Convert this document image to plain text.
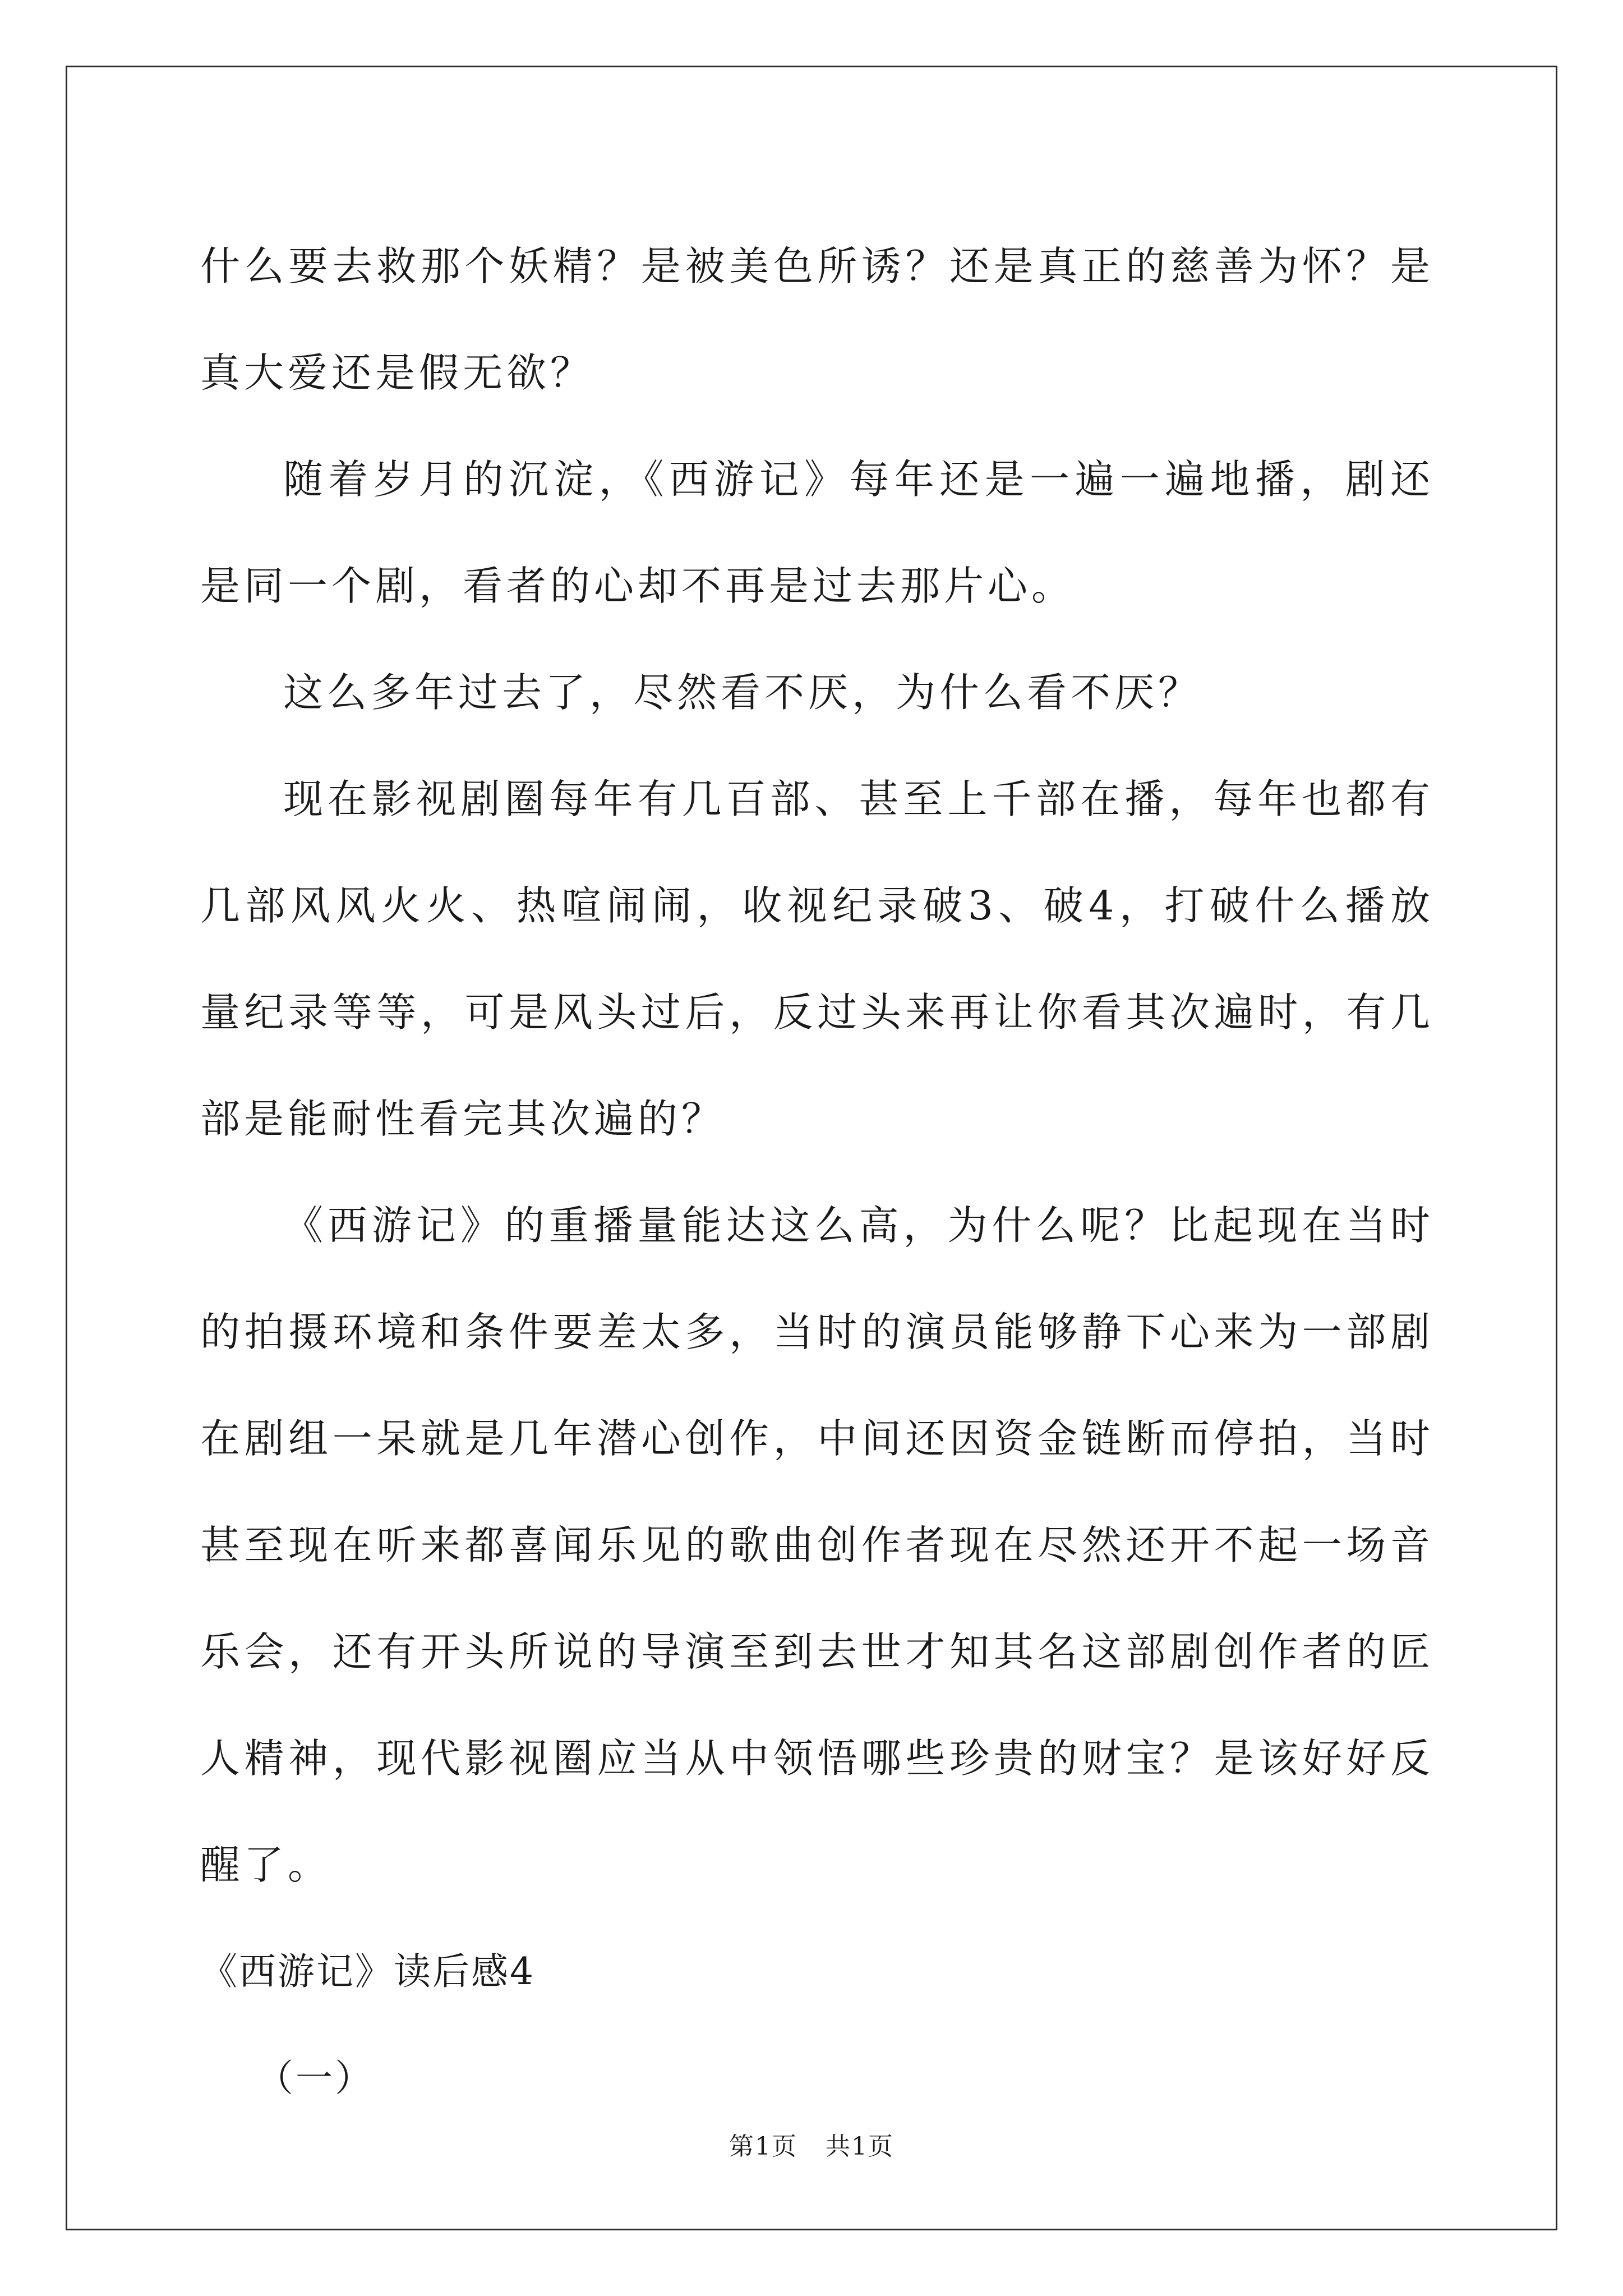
什么要去救那个妖精？是被美色所诱？还是真正的慈善为怀？是真大爱还是假无欲？

随着岁月的沉淀，《西游记》每年还是一遍一遍地播，剧还是同一个剧，看者的心却不再是过去那片心。

这么多年过去了，尽然看不厌，为什么看不厌？

现在影视剧圈每年有几百部、甚至上千部在播，每年也都有几部风风火火、热喧闹闹，收视纪录破3、破4，打破什么播放量纪录等等，可是风头过后，反过头来再让你看其次遍时，有几部是能耐性看完其次遍的？

《西游记》的重播量能达这么高，为什么呢？比起现在当时的拍摄环境和条件要差太多，当时的演员能够静下心来为一部剧在剧组一呆就是几年潜心创作，中间还因资金链断而停拍，当时甚至现在听来都喜闻乐见的歌曲创作者现在尽然还开不起一场音乐会，还有开头所说的导演至到去世才知其名这部剧创作者的匠人精神，现代影视圈应当从中领悟哪些珍贵的财宝？是该好好反醒了。

《西游记》读后感4

（一）

第1页 共1页
